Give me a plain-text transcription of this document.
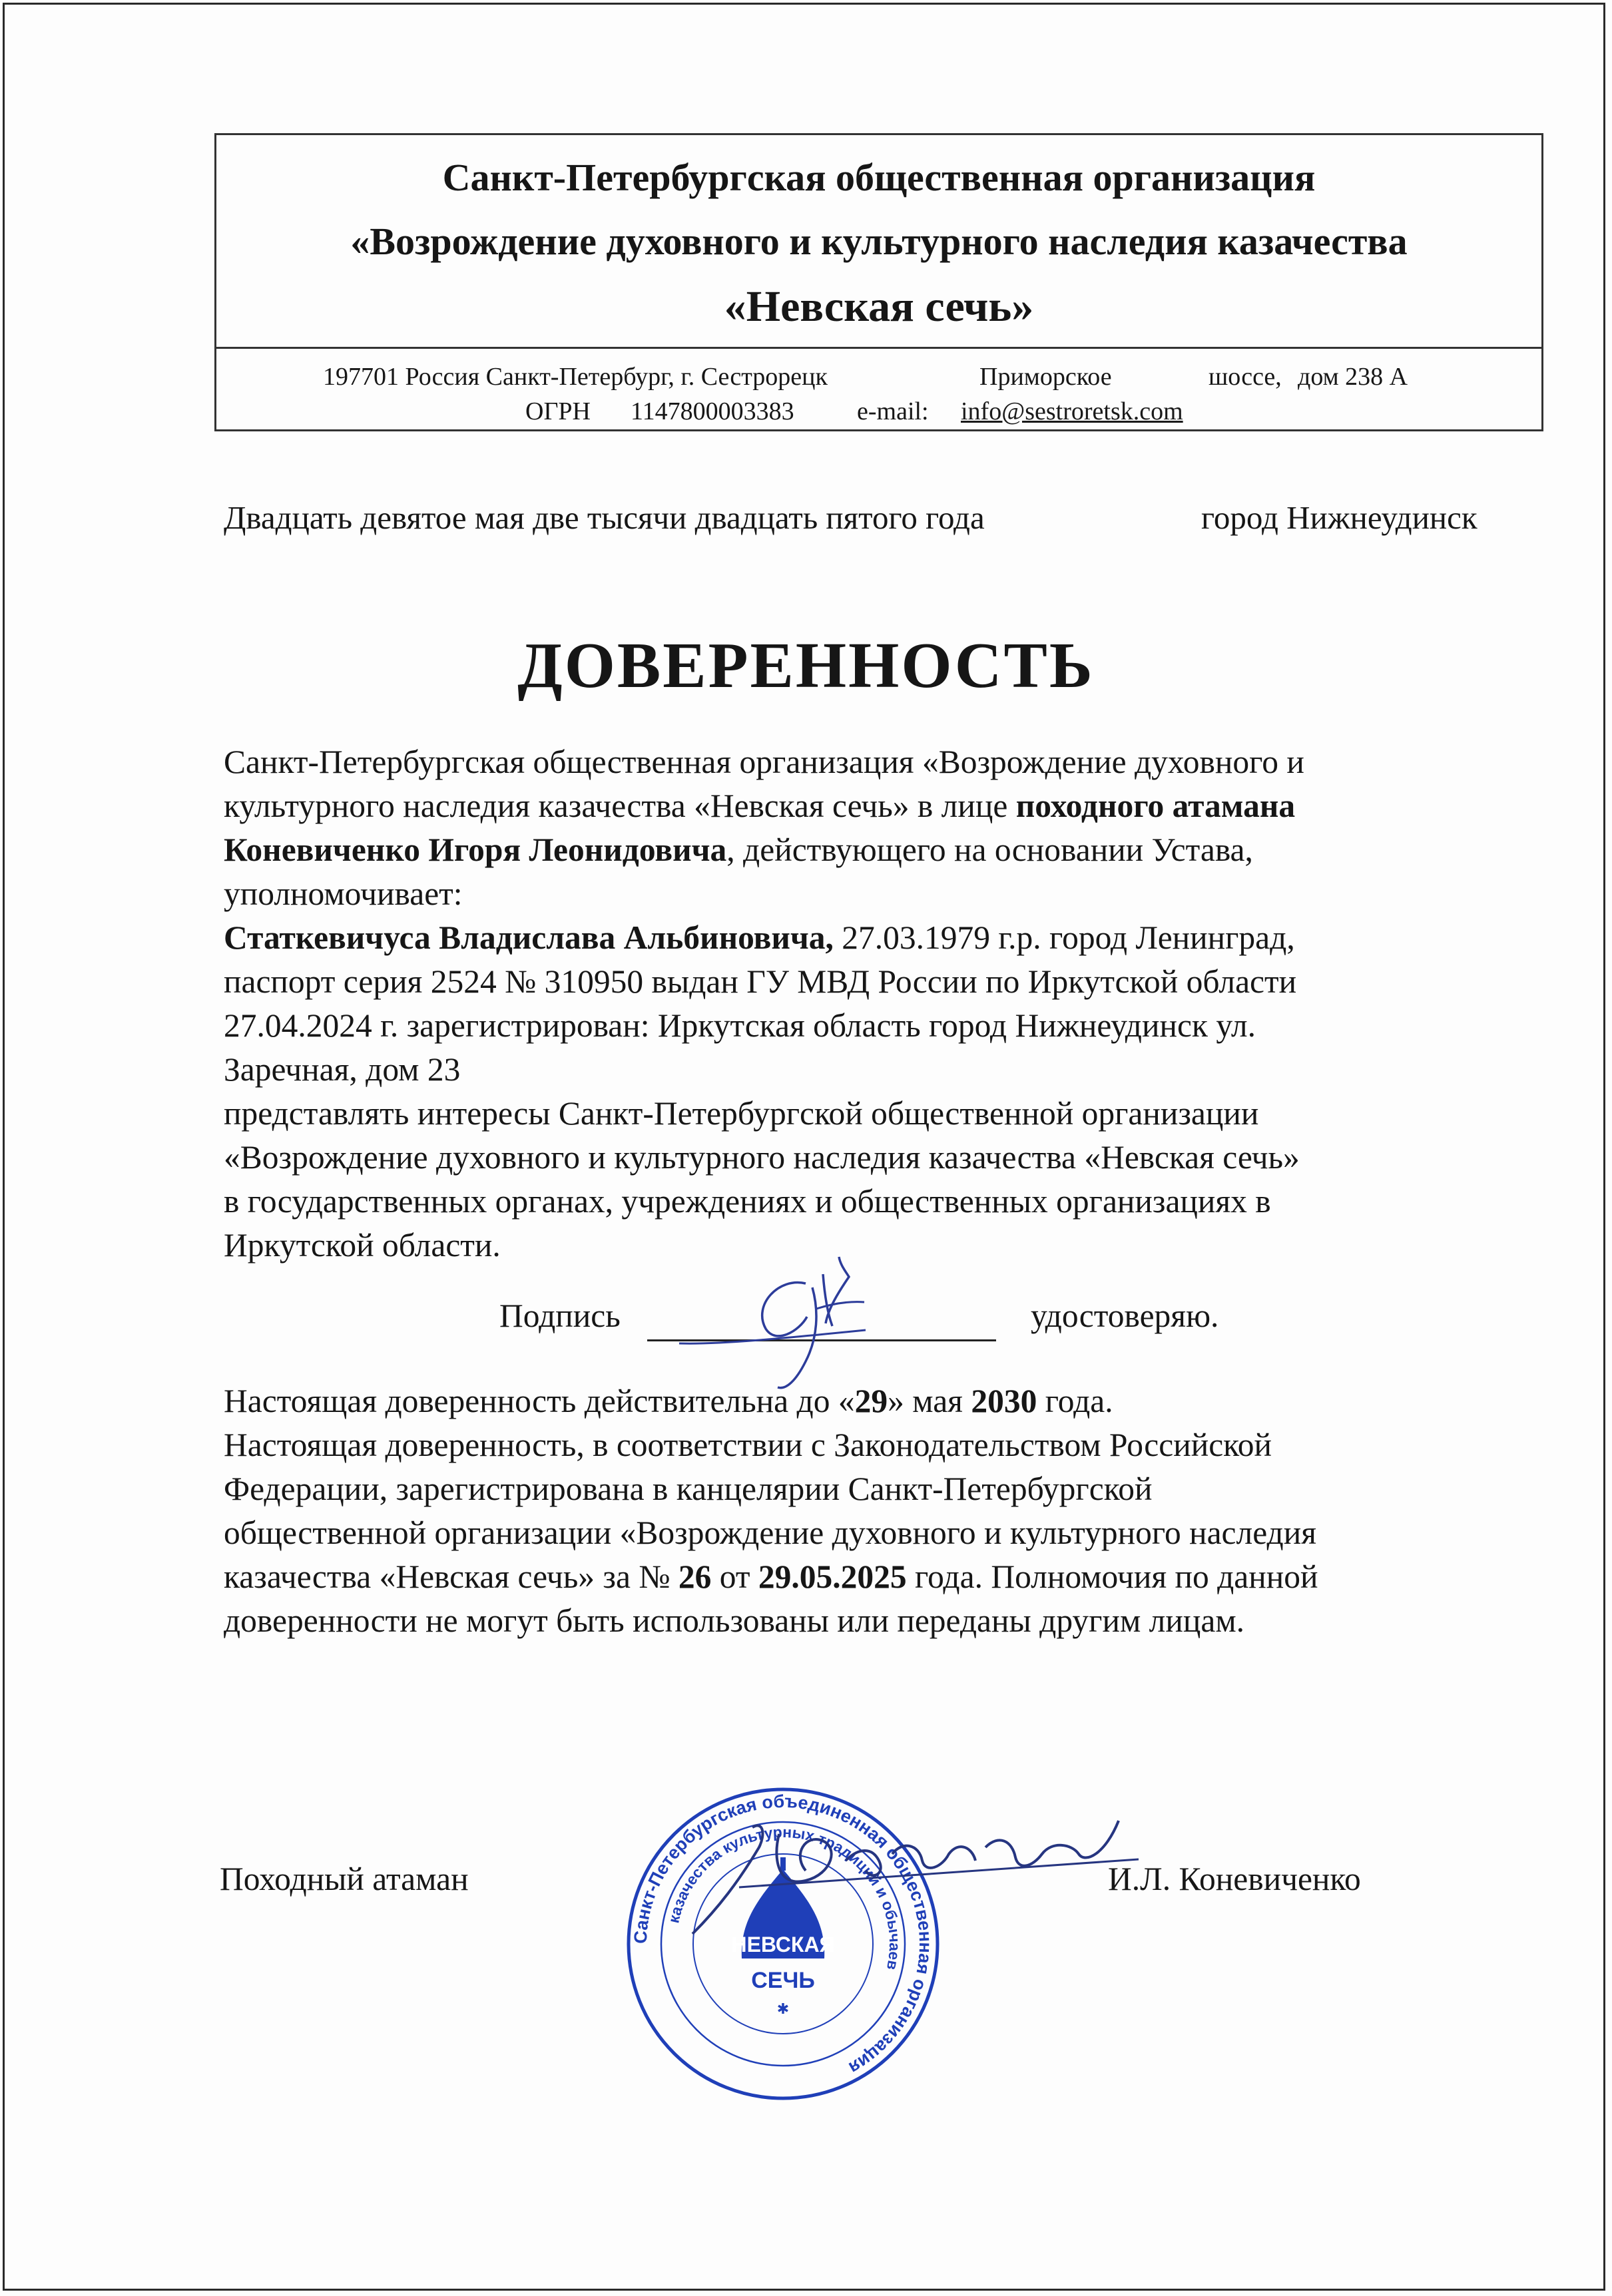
Санкт-Петербургская общественная организация
«Возрождение духовного и культурного наследия казачества
«Невская сечь»
197701 Россия Санкт-Петербург, г. Сестрорецк	Приморское	шоссе, дом 238 А
ОГРН 1147800003383 e-mail: info@sestroretsk.com
Двадцать девятое мая две тысячи двадцать пятого года	город Нижнеудинск
ДОВЕРЕННОСТЬ
Санкт-Петербургская общественная организация «Возрождение духовного и
культурного наследия казачества «Невская сечь» в лице походного атамана
Коневиченко Игоря Леонидовича, действующего на основании Устава,
уполномочивает:
Статкевичуса Владислава Альбиновича, 27.03.1979 г.р. город Ленинград,
паспорт серия 2524 № 310950 выдан ГУ МВД России по Иркутской области
27.04.2024 г. зарегистрирован: Иркутская область город Нижнеудинск ул.
Заречная, дом 23
представлять интересы Санкт-Петербургской общественной организации
«Возрождение духовного и культурного наследия казачества «Невская сечь»
в государственных органах, учреждениях и общественных организациях в
Иркутской области.
Подпись	удостоверяю.
Настоящая доверенность действительна до «29» мая 2030 года.
Настоящая доверенность, в соответствии с Законодательством Российской
Федерации, зарегистрирована в канцелярии Санкт-Петербургской
общественной организации «Возрождение духовного и культурного наследия
казачества «Невская сечь» за № 26 от 29.05.2025 года. Полномочия по данной
доверенности не могут быть использованы или переданы другим лицам.
Походный атаман	И.Л. Коневиченко
Санкт-Петербургская объединенная общественная организация
казачества культурных традиций и обычаев
НЕВСКАЯ
СЕЧЬ
✱
